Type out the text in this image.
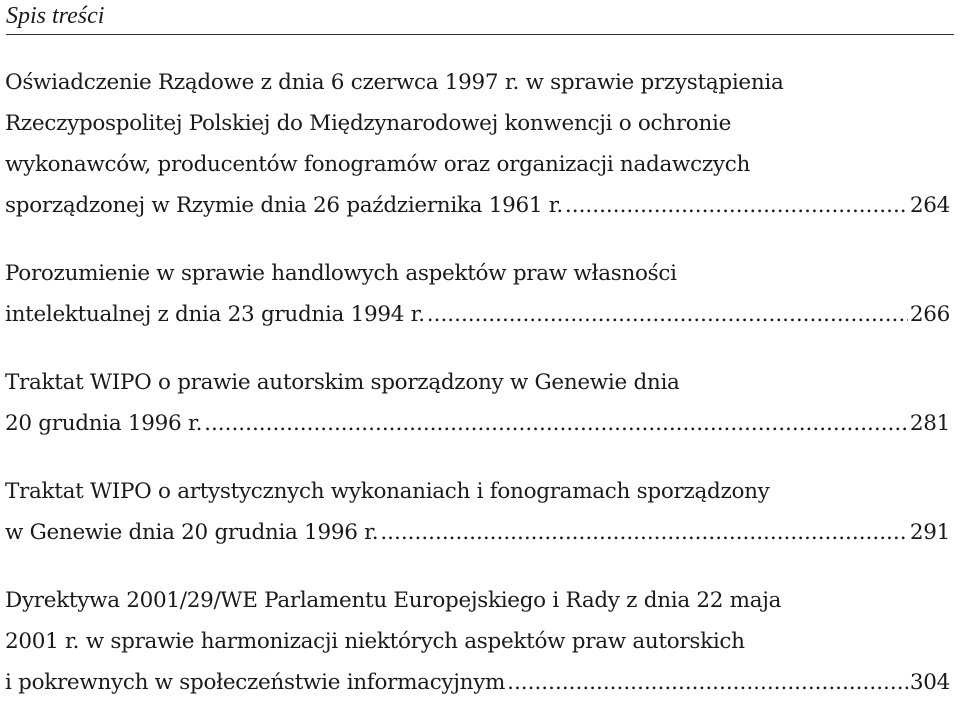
Spis treści
Oświadczenie Rządowe z dnia 6 czerwca 1997 r. w sprawie przystąpienia
Rzeczypospolitej Polskiej do Międzynarodowej konwencji o ochronie
wykonawców, producentów fonogramów oraz organizacji nadawczych
sporządzonej w Rzymie dnia 26 października 1961 r. .....	264
Porozumienie w sprawie handlowych aspektów praw własności
intelektualnej z dnia 23 grudnia 1994 r. .....	266
Traktat WIPO o prawie autorskim sporządzony w Genewie dnia
20 grudnia 1996 r. .....	281
Traktat WIPO o artystycznych wykonaniach i fonogramach sporządzony
w Genewie dnia 20 grudnia 1996 r. .....	291
Dyrektywa 2001/29/WE Parlamentu Europejskiego i Rady z dnia 22 maja
2001 r. w sprawie harmonizacji niektórych aspektów praw autorskich
i pokrewnych w społeczeństwie informacyjnym .....	304
